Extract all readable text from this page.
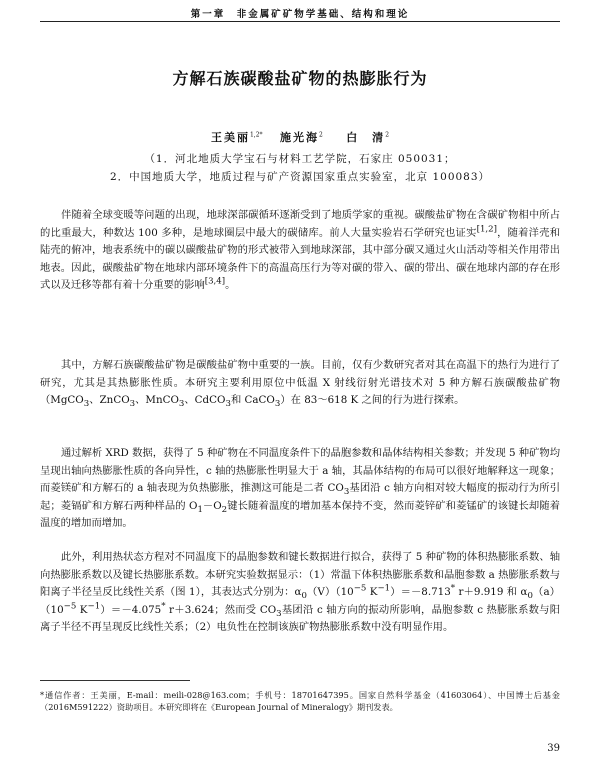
第一章　非金属矿矿物学基础、结构和理论
方解石族碳酸盐矿物的热膨胀行为
王美丽$^{1,2*}$ 施光海$^2$ 白　清$^2$
（1．河北地质大学宝石与材料工艺学院，石家庄 050031；
2．中国地质大学，地质过程与矿产资源国家重点实验室，北京 100083）

伴随着全球变暖等问题的出现，地球深部碳循环逐渐受到了地质学家的重视。碳酸盐矿物在含碳矿物相中所占的比重最大，种数达 100 多种，是地球圈层中最大的碳储库。前人大量实验岩石学研究也证实[1,2]，随着洋壳和陆壳的俯冲，地表系统中的碳以碳酸盐矿物的形式被带入到地球深部，其中部分碳又通过火山活动等相关作用带出地表。因此，碳酸盐矿物在地球内部环境条件下的高温高压行为等对碳的带入、碳的带出、碳在地球内部的存在形式以及迁移等都有着十分重要的影响[3,4]。

其中，方解石族碳酸盐矿物是碳酸盐矿物中重要的一族。目前，仅有少数研究者对其在高温下的热行为进行了研究，尤其是其热膨胀性质。本研究主要利用原位中低温 X 射线衍射光谱技术对 5 种方解石族碳酸盐矿物（MgCO$_3$、ZnCO$_3$、MnCO$_3$、CdCO$_3$和 CaCO$_3$）在 83～618 K 之间的行为进行探索。

通过解析 XRD 数据，获得了 5 种矿物在不同温度条件下的晶胞参数和晶体结构相关参数；并发现 5 种矿物均呈现出轴向热膨胀性质的各向异性，c 轴的热膨胀性明显大于 a 轴，其晶体结构的布局可以很好地解释这一现象；而菱镁矿和方解石的 a 轴表现为负热膨胀，推测这可能是二者 $CO_3$基团沿 c 轴方向相对较大幅度的振动行为所引起；菱镉矿和方解石两种样品的 $O_1-O_2$键长随着温度的增加基本保持不变，然而菱锌矿和菱锰矿的该键长却随着温度的增加而增加。

此外，利用热状态方程对不同温度下的晶胞参数和键长数据进行拟合，获得了 5 种矿物的体积热膨胀系数、轴向热膨胀系数以及键长热膨胀系数。本研究实验数据显示：（1）常温下体积热膨胀系数和晶胞参数 a 热膨胀系数与阳离子半径呈反比线性关系（图 1），其表达式分别为：$\alpha_0(V)(10^{-5}$ $K^{-1})=-8.713^*$ r＋9.919 和 $\alpha_0(a)(10^{-5}$ $K^{-1})=-4.075^*$ r＋3.624；然而受 $CO_3$基团沿 c 轴方向的振动所影响，晶胞参数 c 热膨胀系数与阳离子半径不再呈现反比线性关系；（2）电负性在控制该族矿物热膨胀系数中没有明显作用。

*通信作者：王美丽，E-mail：meili-028@163.com；手机号：18701647395。国家自然科学基金（41603064）、中国博士后基金（2016M591222）资助项目。本研究即将在《European Journal of Mineralogy》期刊发表。
39
